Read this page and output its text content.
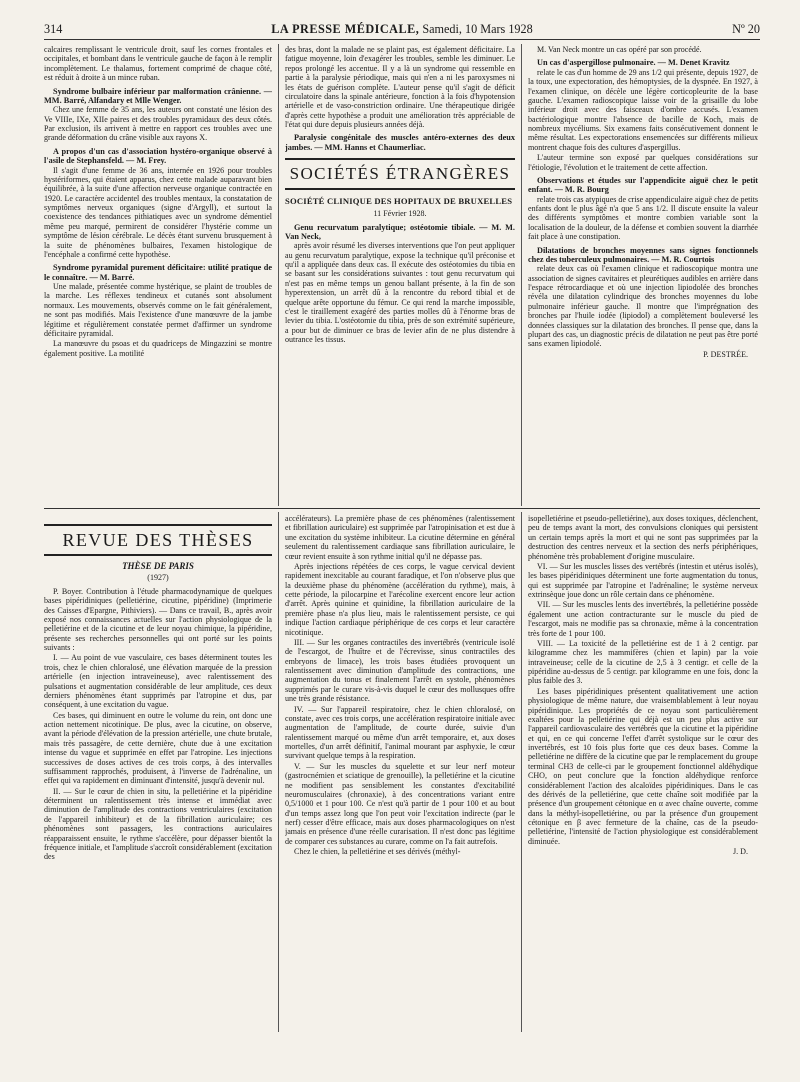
314	LA PRESSE MÉDICALE, Samedi, 10 Mars 1928	Nº 20

calcaires remplissant le ventricule droit, sauf les cornes frontales et occipitales, et bombant dans le ventricule gauche de façon à le remplir incomplètement. Le thalamus, fortement comprimé de chaque côté, est réduit à droite à un mince ruban.

Syndrome bulbaire inférieur par malformation crânienne. — MM. Barré, Alfandary et Mlle Wenger.

Chez une femme de 35 ans, les auteurs ont constaté une lésion des Ve VIIIe, IXe, XIIe paires et des troubles pyramidaux des deux côtés. Par exclusion, ils arrivent à mettre en rapport ces troubles avec une grande déformation du crâne visible aux rayons X.

A propos d'un cas d'association hystéro-organique observé à l'asile de Stephansfeld. — M. Frey.

Il s'agit d'une femme de 36 ans, internée en 1926 pour troubles hystériformes, qui étaient apparus, chez cette malade auparavant bien équilibrée, à la suite d'une affection nerveuse organique contractée en 1920. Le caractère accidentel des troubles mentaux, la constatation de symptômes nerveux organiques (signe d'Argyll), et surtout la coexistence des tendances pithiatiques avec un syndrome démentiel même peu marqué, permirent de considérer l'hystérie comme un symptôme de lésion cérébrale. Le décès étant survenu brusquement à la suite de phénomènes bulbaires, l'examen histologique de l'encéphale a confirmé cette hypothèse.

Syndrome pyramidal purement déficitaire: utilité pratique de le connaître. — M. Barré.

Une malade, présentée comme hystérique, se plaint de troubles de la marche. Les réflexes tendineux et cutanés sont absolument normaux. Les mouvements, observés comme on le fait généralement, ne sont pas modifiés. Mais l'existence d'une manœuvre de la jambe légitime et régulièrement constatée permet d'affirmer un syndrome déficitaire pyramidal.

La manœuvre du psoas et du quadriceps de Mingazzini se montre également positive. La motilité

des bras, dont la malade ne se plaint pas, est également déficitaire. La fatigue moyenne, loin d'exagérer les troubles, semble les diminuer. Le repos prolongé les accentue. Il y a là un syndrome qui ressemble en partie à la paralysie périodique, mais qui n'en a ni les paroxysmes ni les états de guérison complète. L'auteur pense qu'il s'agit de déficit circulatoire dans la spinale antérieure, fonction à la fois d'hypotension artérielle et de vaso-constriction ordinaire. Une thérapeutique dirigée d'après cette hypothèse a produit une amélioration très appréciable de l'état qui dure depuis plusieurs années déjà.

Paralysie congénitale des muscles antéro-externes des deux jambes. — MM. Hanns et Chaumerliac.
SOCIÉTÉS ÉTRANGÈRES
SOCIÉTÉ CLINIQUE DES HOPITAUX DE BRUXELLES
11 Février 1928.
Genu recurvatum paralytique; ostéotomie tibiale. — M. M. Van Neck,

après avoir résumé les diverses interventions que l'on peut appliquer au genu recurvatum paralytique, expose la technique qu'il préconise et qu'il a appliquée dans deux cas. Il exécute des ostéotomies du tibia en se basant sur les considérations suivantes : tout genu recurvatum qui n'est pas en même temps un genou ballant présente, à la fin de son hyperextension, un arrêt dû à la rencontre du rebord tibial et de quelque arête opportune du fémur. Ce qui rend la marche impossible, c'est le tiraillement exagéré des parties molles dû à l'énorme bras de levier du tibia. L'ostéotomie du tibia, près de son extrémité supérieure, a pour but de diminuer ce bras de levier afin de ne plus distendre à outrance les tissus.

M. Van Neck montre un cas opéré par son procédé.

Un cas d'aspergillose pulmonaire. — M. Denet Kravitz

relate le cas d'un homme de 29 ans 1/2 qui présente, depuis 1927, de la toux, une expectoration, des hémoptysies, de la dyspnée. En 1927, à l'examen clinique, on décèle une légère corticopleurite de la base gauche. L'examen radioscopique laisse voir de la grisaille du lobe inférieur droit avec des faisceaux d'ombre accusés. L'examen bactériologique montre l'absence de bacille de Koch, mais de nombreux mycéliums. Six examens faits consécutivement donnent le même résultat. Les expectorations ensemencées sur différents milieux montrent chaque fois des cultures d'aspergillus.

L'auteur termine son exposé par quelques considérations sur l'étiologie, l'évolution et le traitement de cette affection.

Observations et études sur l'appendicite aiguë chez le petit enfant. — M. R. Bourg

relate trois cas atypiques de crise appendiculaire aiguë chez de petits enfants dont le plus âgé n'a que 5 ans 1/2. Il discute ensuite la valeur des différents symptômes et montre combien variable sont la localisation de la douleur, de la défense et combien souvent la diarrhée fait place à une constipation.

Dilatations de bronches moyennes sans signes fonctionnels chez des tuberculeux pulmonaires. — M. R. Courtois

relate deux cas où l'examen clinique et radioscopique montra une association de signes cavitaires et pleurétiques audibles en arrière dans l'espace rétrocardiaque et où une injection lipiodolée des bronches révéla une dilatation cylindrique des bronches moyennes du lobe pulmonaire inférieur gauche. Il montre que l'imprégnation des bronches par l'huile iodée (lipiodol) a complètement bouleversé les données classiques sur la dilatation des bronches. Il pense que, dans la plupart des cas, un diagnostic précis de dilatation ne peut pas être porté sans examen lipiodolé.

P. DESTRÉE.
REVUE DES THÈSES
THÈSE DE PARIS
(1927)

P. Boyer. Contribution à l'étude pharmacodynamique de quelques bases pipéridiniques (pelletiérine, cicutine, pipéridine) (Imprimerie des Caisses d'Epargne, Pithiviers). — Dans ce travail, B., après avoir exposé nos connaissances actuelles sur l'action physiologique de la pelletiérine et de la cicutine et de leur noyau chimique, la pipéridine, présente ses recherches personnelles qui ont porté sur les points suivants :

I. — Au point de vue vasculaire, ces bases déterminent toutes les trois, chez le chien chloralosé, une élévation marquée de la pression artérielle (en injection intraveineuse), avec ralentissement des pulsations et augmentation considérable de leur amplitude, ces deux derniers phénomènes étant supprimés par l'atropine et dus, par conséquent, à une excitation du vague.

Ces bases, qui diminuent en outre le volume du rein, ont donc une action nettement nicotinique. De plus, avec la cicutine, on observe, avant la période d'élévation de la pression artérielle, une chute brutale, mais très passagère, de cette dernière, chute due à une excitation intense du vague et supprimée en effet par l'atropine. Les injections successives de doses actives de ces trois corps, à des intervalles suffisamment rapprochés, produisent, à l'inverse de l'adrénaline, un effet qui va rapidement en diminuant d'intensité, jusqu'à devenir nul.

II. — Sur le cœur de chien in situ, la pelletiérine et la pipéridine déterminent un ralentissement très intense et immédiat avec diminution de l'amplitude des contractions ventriculaires (excitation de l'appareil inhibiteur) et de la fibrillation auriculaire; ces phénomènes sont passagers, les contractions auriculaires réapparaissent ensuite, le rythme s'accélère, pour dépasser bientôt la fréquence initiale, et l'amplitude s'accroît considérablement (excitation des

accélérateurs). La première phase de ces phénomènes (ralentissement et fibrillation auriculaire) est supprimée par l'atropinisation et est due à une excitation du système inhibiteur. La cicutine détermine en général seulement du ralentissement cardiaque sans fibrillation auriculaire, le cœur revient ensuite à son rythme initial qu'il ne dépasse pas.

Après injections répétées de ces corps, le vague cervical devient rapidement inexcitable au courant faradique, et l'on n'observe plus que la deuxième phase du phénomène (accélération du rythme), mais, à cette période, la pilocarpine et l'arécoline exercent encore leur action d'arrêt. Après quinine et quinidine, la fibrillation auriculaire de la première phase n'a plus lieu, mais le ralentissement persiste, ce qui indique l'action cardiaque périphérique de ces corps et leur caractère nicotinique.

III. — Sur les organes contractiles des invertébrés (ventricule isolé de l'escargot, de l'huître et de l'écrevisse, sinus contractiles des embryons de limace), les trois bases étudiées provoquent un ralentissement avec diminution d'amplitude des contractions, une augmentation du tonus et finalement l'arrêt en systole, phénomènes supprimés par le curare vis-à-vis duquel le cœur des mollusques offre une très grande résistance.

IV. — Sur l'appareil respiratoire, chez le chien chloralosé, on constate, avec ces trois corps, une accélération respiratoire initiale avec augmentation de l'amplitude, de courte durée, suivie d'un ralentissement marqué ou même d'un arrêt temporaire, et, aux doses mortelles, d'un arrêt définitif, l'animal mourant par asphyxie, le cœur survivant quelque temps à la respiration.

V. — Sur les muscles du squelette et sur leur nerf moteur (gastrocnémien et sciatique de grenouille), la pelletiérine et la cicutine ne modifient pas sensiblement les constantes d'excitabilité neuromusculaires (chronaxie), à des concentrations variant entre 0,5/1000 et 1 pour 100. Ce n'est qu'à partir de 1 pour 100 et au bout d'un temps assez long que l'on peut voir l'excitation indirecte (par le nerf) cesser d'être efficace, mais aux doses pharmacologiques on n'est jamais en présence d'une réelle curarisation. Il n'est donc pas légitime de comparer ces substances au curare, comme on l'a fait autrefois.

Chez le chien, la pelletiérine et ses dérivés (méthyl-

isopelletiérine et pseudo-pelletiérine), aux doses toxiques, déclenchent, peu de temps avant la mort, des convulsions cloniques qui persistent un certain temps après la mort et qui ne sont pas supprimées par la destruction des centres nerveux et la section des nerfs périphériques, phénomène très probablement d'origine musculaire.

VI. — Sur les muscles lisses des vertébrés (intestin et utérus isolés), les bases pipéridiniques déterminent une forte augmentation du tonus, qui est supprimée par l'atropine et l'adrénaline; le système nerveux extrinsèque joue donc un rôle certain dans ce phénomène.

VII. — Sur les muscles lents des invertébrés, la pelletiérine possède également une action contracturante sur le muscle du pied de l'escargot, mais ne modifie pas sa chronaxie, même à la concentration très forte de 1 pour 100.

VIII. — La toxicité de la pelletiérine est de 1 à 2 centigr. par kilogramme chez les mammifères (chien et lapin) par la voie intraveineuse; celle de la cicutine de 2,5 à 3 centigr. et celle de la pipéridine au-dessus de 5 centigr. par kilogramme en une fois, donc la plus faible des 3.

Les bases pipéridiniques présentent qualitativement une action physiologique de même nature, due vraisemblablement à leur noyau pipéridinique. Les propriétés de ce noyau sont particulièrement exaltées pour la pelletiérine qui déjà est un peu plus active sur l'appareil cardiovasculaire des vertébrés que la cicutine et la pipéridine et qui, en ce qui concerne l'effet d'arrêt systolique sur le cœur des invertébrés, est 10 fois plus forte que ces deux bases. Comme la pelletiérine ne diffère de la cicutine que par le remplacement du groupe terminal CH3 de celle-ci par le groupement fonctionnel aldéhydique CHO, on peut conclure que la fonction aldéhydique renforce considérablement l'action des alcaloïdes pipéridiniques. Dans le cas des dérivés de la pelletiérine, que cette chaîne soit modifiée par la présence d'un groupement cétonique en α avec chaîne ouverte, comme dans la méthyl-isopelletiérine, ou par la présence d'un groupement cétonique en β avec fermeture de la chaîne, cas de la pseudo-pelletiérine, l'intensité de l'action physiologique est considérablement diminuée.

J. D.
